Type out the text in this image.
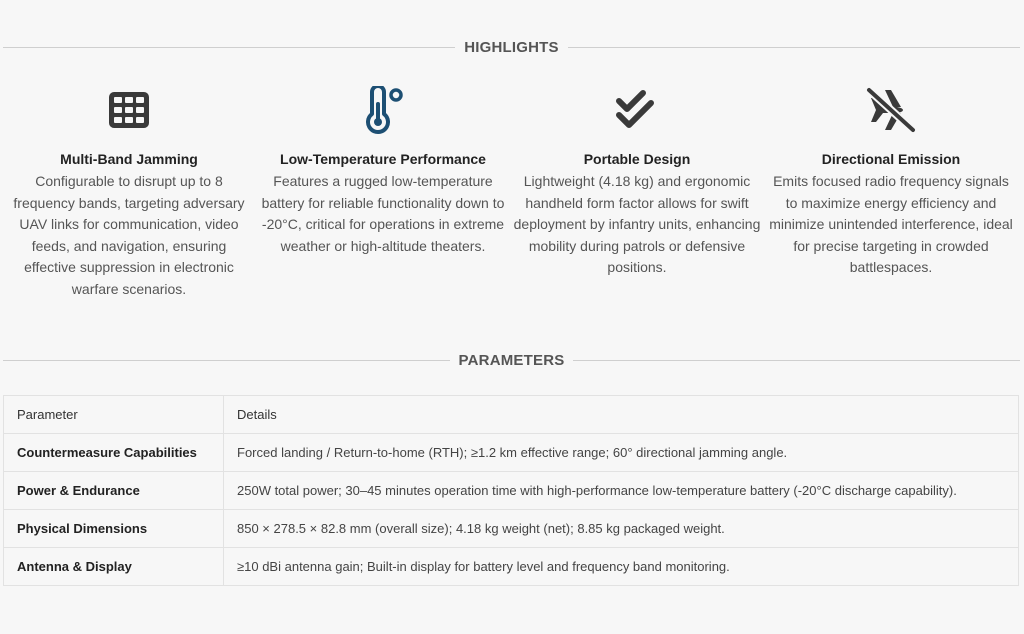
HIGHLIGHTS
Multi-Band Jamming
Configurable to disrupt up to 8 frequency bands, targeting adversary UAV links for communication, video feeds, and navigation, ensuring effective suppression in electronic warfare scenarios.
Low-Temperature Performance
Features a rugged low-temperature battery for reliable functionality down to -20°C, critical for operations in extreme weather or high-altitude theaters.
Portable Design
Lightweight (4.18 kg) and ergonomic handheld form factor allows for swift deployment by infantry units, enhancing mobility during patrols or defensive positions.
Directional Emission
Emits focused radio frequency signals to maximize energy efficiency and minimize unintended interference, ideal for precise targeting in crowded battlespaces.
PARAMETERS
Parameter	Details
Countermeasure Capabilities	Forced landing / Return-to-home (RTH); ≥1.2 km effective range; 60° directional jamming angle.
Power & Endurance	250W total power; 30–45 minutes operation time with high-performance low-temperature battery (-20°C discharge capability).
Physical Dimensions	850 × 278.5 × 82.8 mm (overall size); 4.18 kg weight (net); 8.85 kg packaged weight.
Antenna & Display	≥10 dBi antenna gain; Built-in display for battery level and frequency band monitoring.
